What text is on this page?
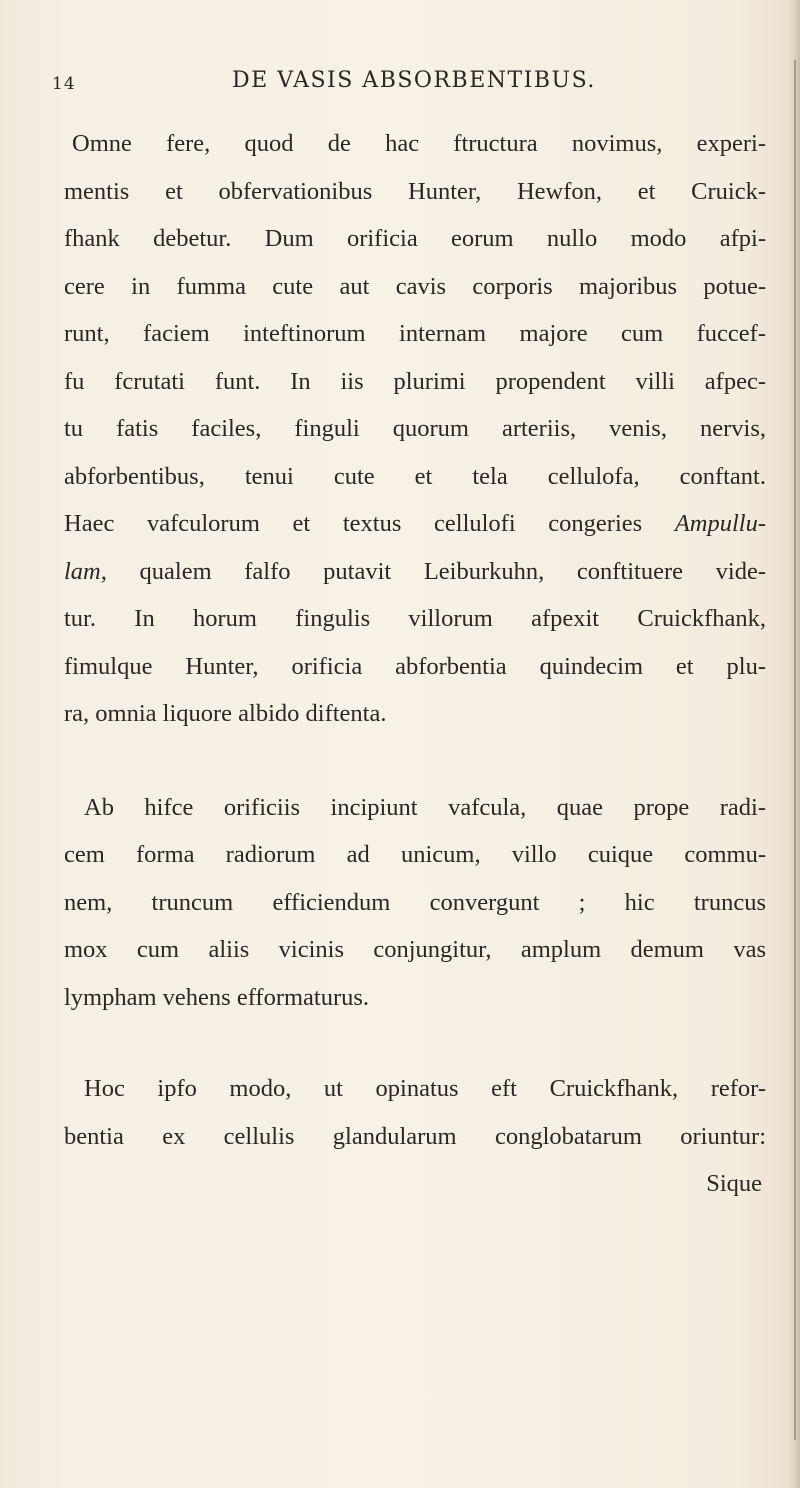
14	DE VASIS ABSORBENTIBUS.
Omne fere, quod de hac ftructura novimus, experi-
mentis et obfervationibus Hunter, Hewfon, et Cruick-
fhank debetur. Dum orificia eorum nullo modo afpi-
cere in fumma cute aut cavis corporis majoribus potue-
runt, faciem inteftinorum internam majore cum fuccef-
fu fcrutati funt. In iis plurimi propendent villi afpec-
tu fatis faciles, finguli quorum arteriis, venis, nervis,
abforbentibus, tenui cute et tela cellulofa, conftant.
Haec vafculorum et textus cellulofi congeries Ampullu-
lam, qualem falfo putavit Leiburkuhn, conftituere vide-
tur. In horum fingulis villorum afpexit Cruickfhank,
fimulque Hunter, orificia abforbentia quindecim et plu-
ra, omnia liquore albido diftenta.
Ab hifce orificiis incipiunt vafcula, quae prope radi-
cem forma radiorum ad unicum, villo cuique commu-
nem, truncum efficiendum convergunt ; hic truncus
mox cum aliis vicinis conjungitur, amplum demum vas
lympham vehens efformaturus.
Hoc ipfo modo, ut opinatus eft Cruickfhank, refor-
bentia ex cellulis glandularum conglobatarum oriuntur:
Sique
